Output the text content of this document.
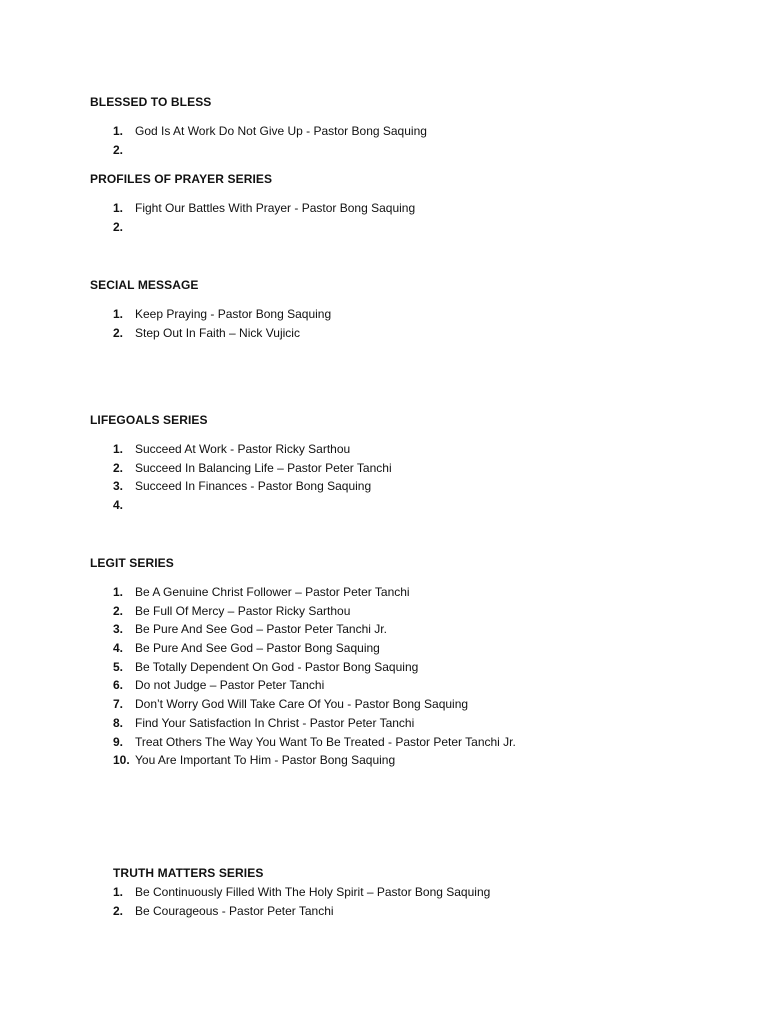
BLESSED TO BLESS
1. God Is At Work Do Not Give Up - Pastor Bong Saquing
2.
PROFILES OF PRAYER SERIES
1. Fight Our Battles With Prayer - Pastor Bong Saquing
2.
SECIAL MESSAGE
1. Keep Praying - Pastor Bong Saquing
2. Step Out In Faith – Nick Vujicic
LIFEGOALS SERIES
1. Succeed At Work - Pastor Ricky Sarthou
2. Succeed In Balancing Life – Pastor Peter Tanchi
3. Succeed In Finances - Pastor Bong Saquing
4.
LEGIT SERIES
1. Be A Genuine Christ Follower – Pastor Peter Tanchi
2. Be Full Of Mercy – Pastor Ricky Sarthou
3. Be Pure And See God – Pastor Peter Tanchi Jr.
4. Be Pure And See God – Pastor Bong Saquing
5. Be Totally Dependent On God - Pastor Bong Saquing
6. Do not Judge – Pastor Peter Tanchi
7. Don’t Worry God Will Take Care Of You - Pastor Bong Saquing
8. Find Your Satisfaction In Christ - Pastor Peter Tanchi
9. Treat Others The Way You Want To Be Treated - Pastor Peter Tanchi Jr.
10. You Are Important To Him - Pastor Bong Saquing
TRUTH MATTERS SERIES
1. Be Continuously Filled With The Holy Spirit – Pastor Bong Saquing
2. Be Courageous - Pastor Peter Tanchi
